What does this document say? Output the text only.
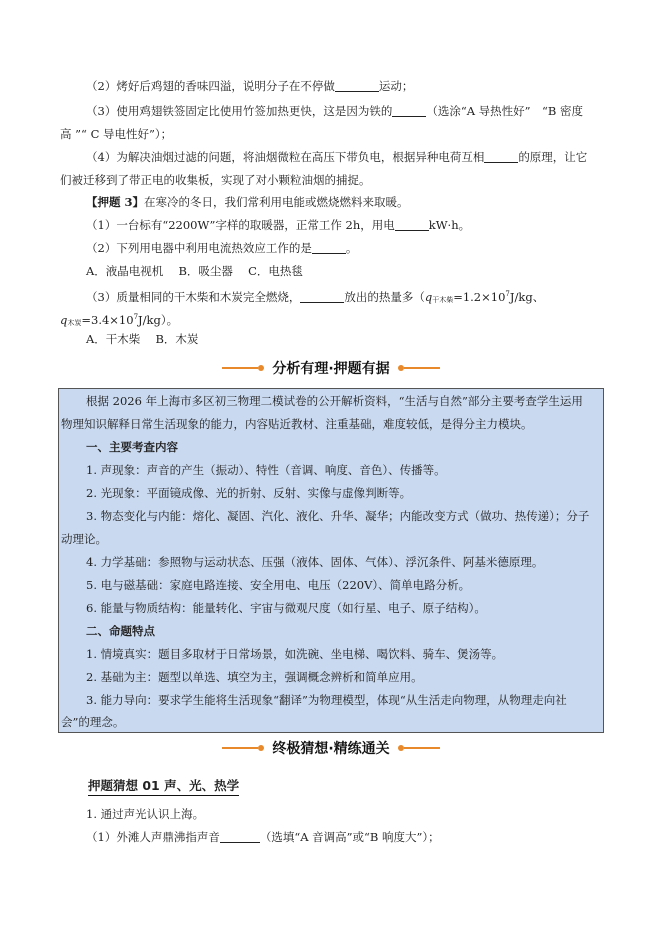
（2）烤好后鸡翅的香味四溢，说明分子在不停做	运动；
（3）使用鸡翅铁签固定比使用竹签加热更快，这是因为铁的	（选涂“A 导热性好”　“B 密度
高 ”“ C 导电性好”）；
（4）为解决油烟过滤的问题，将油烟微粒在高压下带负电，根据异种电荷互相	的原理，让它
们被迁移到了带正电的收集板，实现了对小颗粒油烟的捕捉。
【押题 3】在寒冷的冬日，我们常利用电能或燃烧燃料来取暖。
（1）一台标有“2200W”字样的取暖器，正常工作 2h，用电	kW·h。
（2）下列用电器中利用电流热效应工作的是	。
A．液晶电视机　 B．吸尘器　 C．电热毯
（3）质量相同的干木柴和木炭完全燃烧，	放出的热量多（$q_{干木柴}=1.2\times 10^7J/kg$、
$q_{木炭}=3.4\times 10^7J/kg$）。
A．干木柴　 B．木炭
分析有理·押题有据
根据 2026 年上海市多区初三物理二模试卷的公开解析资料，“生活与自然”部分主要考查学生运用
物理知识解释日常生活现象的能力，内容贴近教材、注重基础，难度较低，是得分主力模块。
一、主要考查内容
1. 声现象：声音的产生（振动）、特性（音调、响度、音色）、传播等。
2. 光现象：平面镜成像、光的折射、反射、实像与虚像判断等。
3. 物态变化与内能：熔化、凝固、汽化、液化、升华、凝华；内能改变方式（做功、热传递）；分子
动理论。
4. 力学基础：参照物与运动状态、压强（液体、固体、气体）、浮沉条件、阿基米德原理。
5. 电与磁基础：家庭电路连接、安全用电、电压（220V）、简单电路分析。
6. 能量与物质结构：能量转化、宇宙与微观尺度（如行星、电子、原子结构）。
二、命题特点
1. 情境真实：题目多取材于日常场景，如洗碗、坐电梯、喝饮料、骑车、煲汤等。
2. 基础为主：题型以单选、填空为主，强调概念辨析和简单应用。
3. 能力导向：要求学生能将生活现象“翻译”为物理模型，体现“从生活走向物理，从物理走向社
会”的理念。
终极猜想·精练通关
押题猜想 01 声、光、热学
1. 通过声光认识上海。
（1）外滩人声鼎沸指声音	（选填“A 音调高”或“B 响度大”）；
